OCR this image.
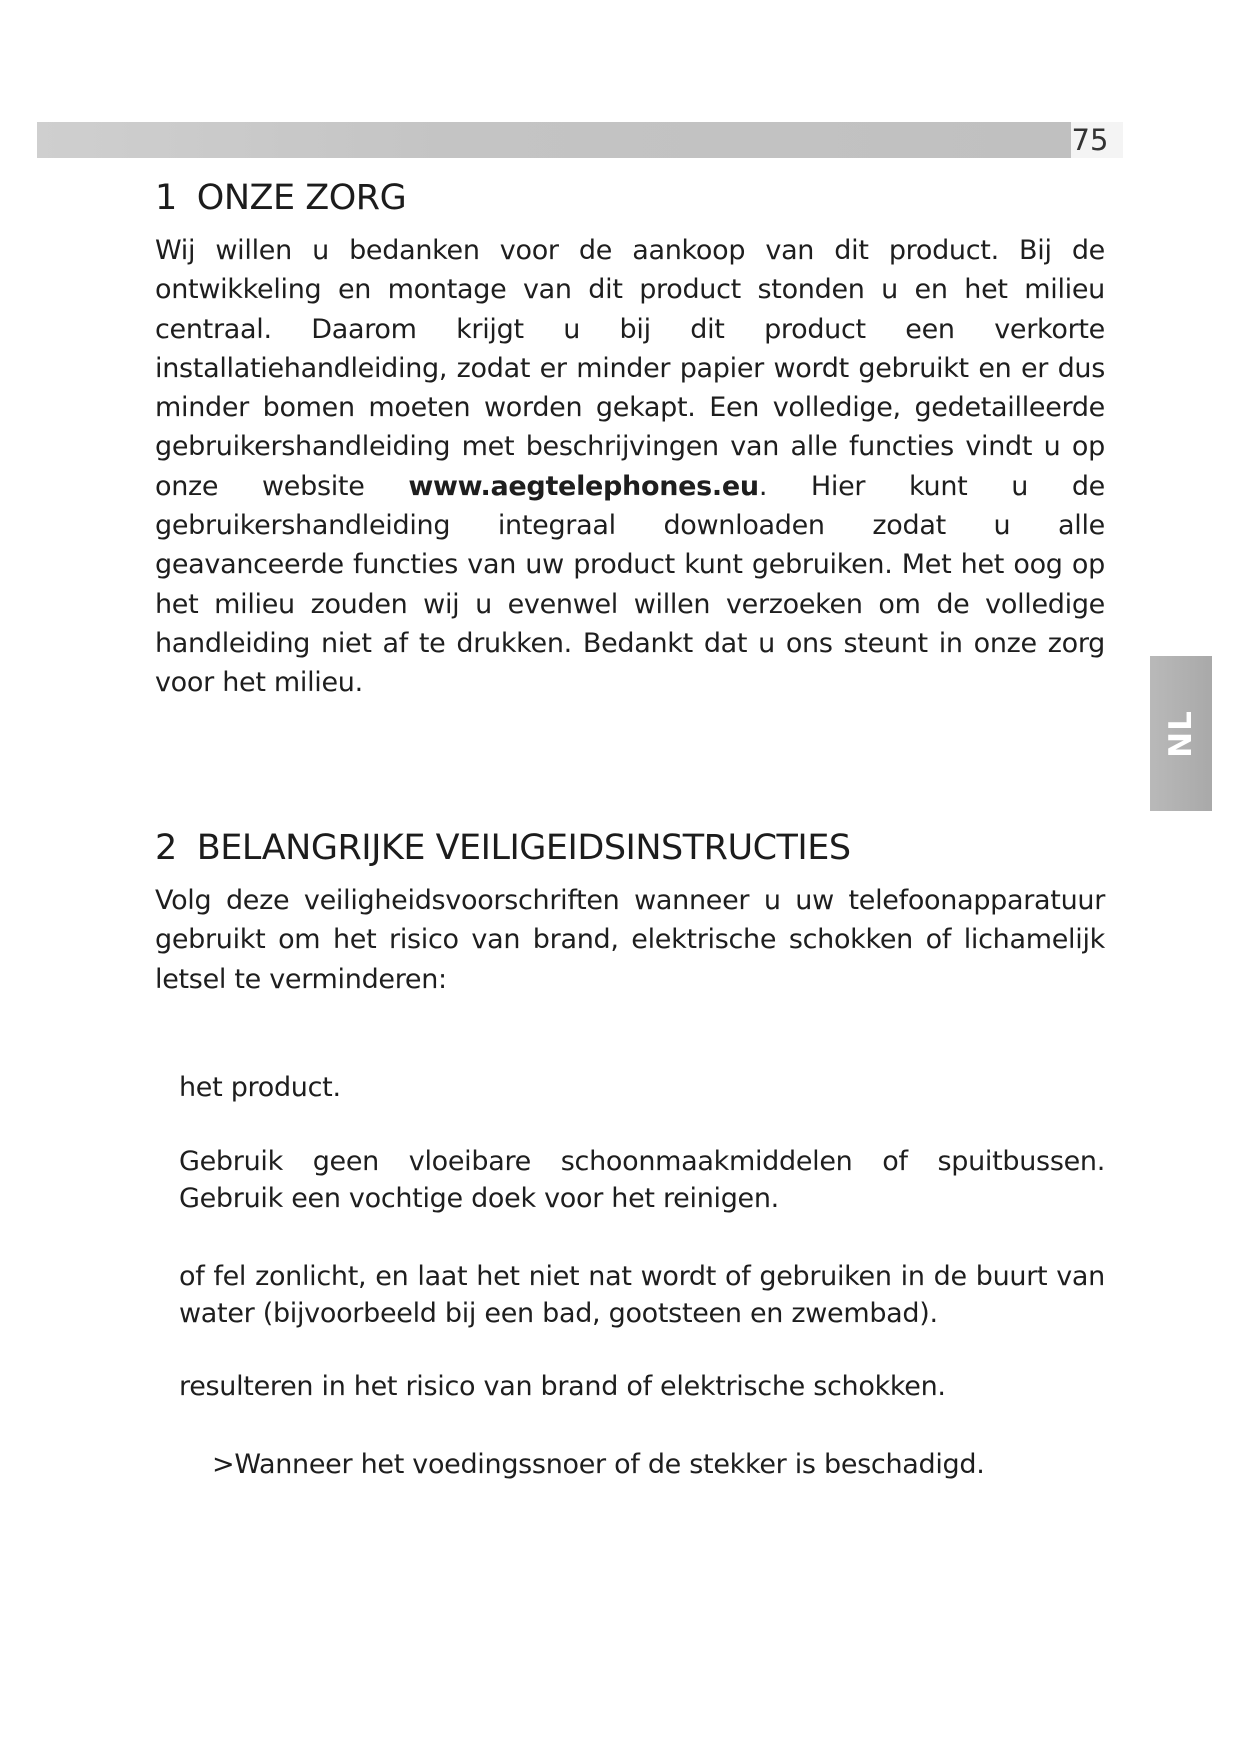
75
NL
1 ONZE ZORG
Wij willen u bedanken voor de aankoop van dit product. Bij de ontwikkeling en montage van dit product stonden u en het milieu centraal. Daarom krijgt u bij dit product een verkorte installatiehandleiding, zodat er minder papier wordt gebruikt en er dus minder bomen moeten worden gekapt. Een volledige, gedetailleerde gebruikershandleiding met beschrijvingen van alle functies vindt u op onze website www.aegtelephones.eu. Hier kunt u de gebruikershandleiding integraal downloaden zodat u alle geavanceerde functies van uw product kunt gebruiken. Met het oog op het milieu zouden wij u evenwel willen verzoeken om de volledige handleiding niet af te drukken. Bedankt dat u ons steunt in onze zorg voor het milieu.
2 BELANGRIJKE VEILIGEIDSINSTRUCTIES
Volg deze veiligheidsvoorschriften wanneer u uw telefoonapparatuur gebruikt om het risico van brand, elektrische schokken of lichamelijk letsel te verminderen:
het product.
Gebruik geen vloeibare schoonmaakmiddelen of spuitbussen. Gebruik een vochtige doek voor het reinigen.
of fel zonlicht, en laat het niet nat wordt of gebruiken in de buurt van water (bijvoorbeeld bij een bad, gootsteen en zwembad).
resulteren in het risico van brand of elektrische schokken.
>Wanneer het voedingssnoer of de stekker is beschadigd.
